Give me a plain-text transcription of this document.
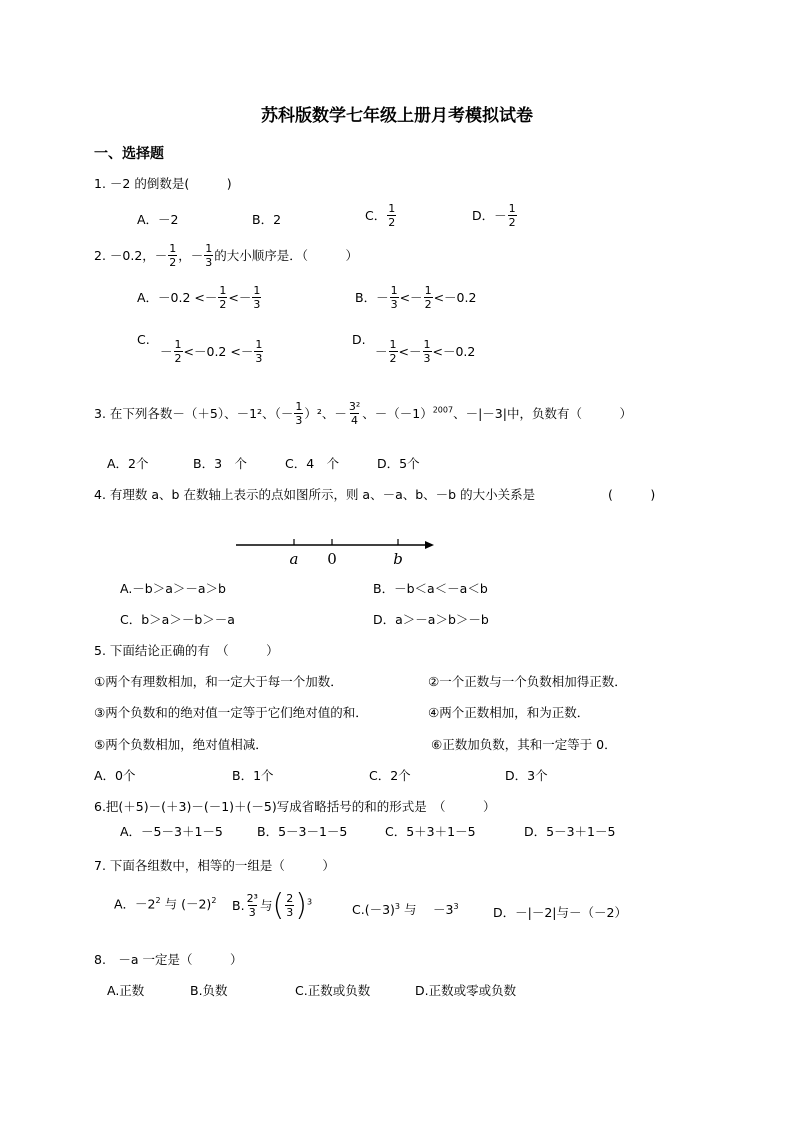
苏科版数学七年级上册月考模拟试卷
一、选择题
1. －2 的倒数是(　　　)
A．－2	B．2	C． $\frac{1}{2}$	D．－ $\frac{1}{2}$
2. －0.2，－ $\frac{1}{2}$ ，－ $\frac{1}{3}$ 的大小顺序是．（　　　）
A．$-0.2 <- \frac{1}{2} <- \frac{1}{3}$	B．－ $\frac{1}{3} <- \frac{1}{2} <-0.2$
C.
－ $\frac{1}{2} <-0.2 <- \frac{1}{3}$	D.
－ $\frac{1}{2} <- \frac{1}{3} <-0.2$
3. 在下列各数－（＋5）、－1²、（－ $\frac{1}{3} )^2$、－ $\frac{\text{3²}}{4}$ 、$-(-1)^{2007}$、－|－3|中，负数有（　　　）
A．2个	B．3　个	C．4　个	D．5个
4. 有理数 a、b 在数轴上表示的点如图所示，则 a、－a、b、－b 的大小关系是	(　　　)
a 0	b
A.－b＞a＞－a＞b	B．－b＜a＜－a＜b
C．b＞a＞－b＞－a	D．a＞－a＞b＞－b
5. 下面结论正确的有　（　　　）
①两个有理数相加，和一定大于每一个加数．	②一个正数与一个负数相加得正数．
③两个负数和的绝对值一定等于它们绝对值的和．	④两个正数相加，和为正数．
⑤两个负数相加，绝对值相减．	⑥正数加负数，其和一定等于 0．
A．0个	B．1个	C．2个	D．3个
6.把(＋5)－(＋3)－(－1)＋(－5)写成省略括号的和的形式是　（　　　）
A．－5－3＋1－5	B．5－3－1－5	C．5＋3＋1－5	D．5－3＋1－5
7. 下面各组数中，相等的一组是（　　　）
A．$-2^2$ 与 $(-2)^2$ B. $\frac{\text{2³}}{3}$ 与( $\frac{2}{3} )^3$
$C.(-3)^3$ 与　 $-3^3$	D．－|－2|与－（－2）
8.　－a 一定是（　　　）
A.正数	B.负数	C.正数或负数	D.正数或零或负数
